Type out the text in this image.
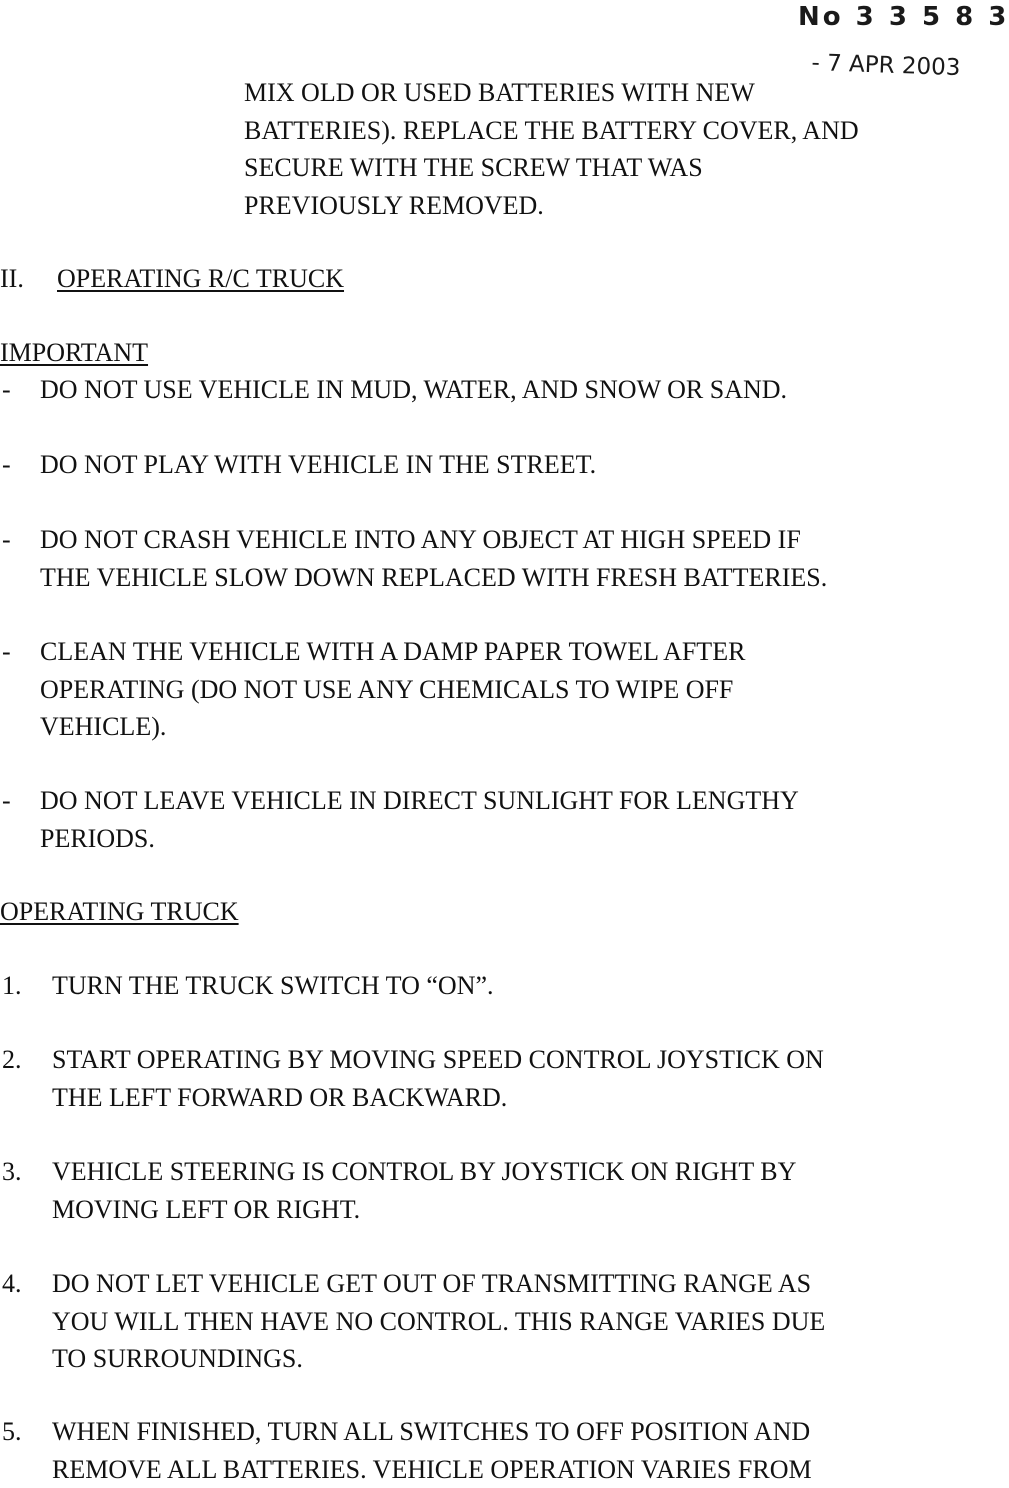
No 3 3 5 8 3
- 7 APR 2003
MIX OLD OR USED BATTERIES WITH NEW
BATTERIES). REPLACE THE BATTERY COVER, AND
SECURE WITH THE SCREW THAT WAS
PREVIOUSLY REMOVED.
II. OPERATING R/C TRUCK
IMPORTANT
- DO NOT USE VEHICLE IN MUD, WATER, AND SNOW OR SAND.
- DO NOT PLAY WITH VEHICLE IN THE STREET.
- DO NOT CRASH VEHICLE INTO ANY OBJECT AT HIGH SPEED IF
THE VEHICLE SLOW DOWN REPLACED WITH FRESH BATTERIES.
- CLEAN THE VEHICLE WITH A DAMP PAPER TOWEL AFTER
OPERATING (DO NOT USE ANY CHEMICALS TO WIPE OFF
VEHICLE).
- DO NOT LEAVE VEHICLE IN DIRECT SUNLIGHT FOR LENGTHY
PERIODS.
OPERATING TRUCK
1. TURN THE TRUCK SWITCH TO “ON”.
2. START OPERATING BY MOVING SPEED CONTROL JOYSTICK ON
THE LEFT FORWARD OR BACKWARD.
3. VEHICLE STEERING IS CONTROL BY JOYSTICK ON RIGHT BY
MOVING LEFT OR RIGHT.
4. DO NOT LET VEHICLE GET OUT OF TRANSMITTING RANGE AS
YOU WILL THEN HAVE NO CONTROL. THIS RANGE VARIES DUE
TO SURROUNDINGS.
5. WHEN FINISHED, TURN ALL SWITCHES TO OFF POSITION AND
REMOVE ALL BATTERIES. VEHICLE OPERATION VARIES FROM
